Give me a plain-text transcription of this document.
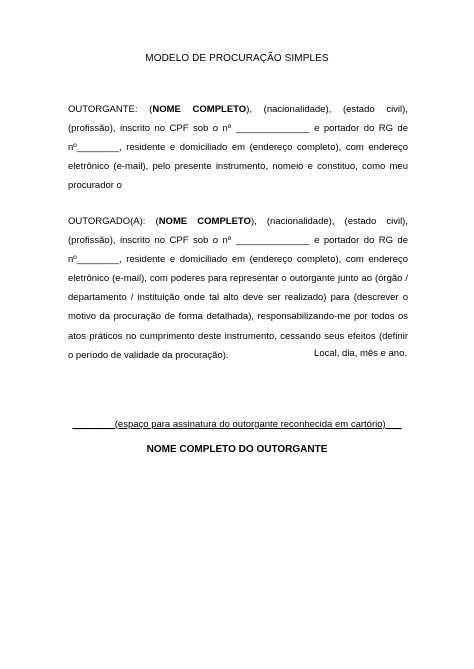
MODELO DE PROCURAÇÃO SIMPLES
OUTORGANTE: (NOME COMPLETO), (nacionalidade), (estado civil), (profissão), inscrito no CPF sob o nº ______________ e portador do RG de nº________, residente e domiciliado em (endereço completo), com endereço eletrônico (e-mail), pelo presente instrumento, nomeio e constituo, como meu procurador o
OUTORGADO(A): (NOME COMPLETO), (nacionalidade), (estado civil), (profissão), inscrito no CPF sob o nº ______________ e portador do RG de nº________, residente e domiciliado em (endereço completo), com endereço eletrônico (e-mail), com poderes para representar o outorgante junto ao (órgão / departamento / instituição onde tal alto deve ser realizado) para (descrever o motivo da procuração de forma detalhada), responsabilizando-me por todos os atos práticos no cumprimento deste instrumento, cessando seus efeitos (definir o período de validade da procuração).	Local, dia, mês e ano.
________(espaço para assinatura do outorgante reconhecida em cartório)___
NOME COMPLETO DO OUTORGANTE
